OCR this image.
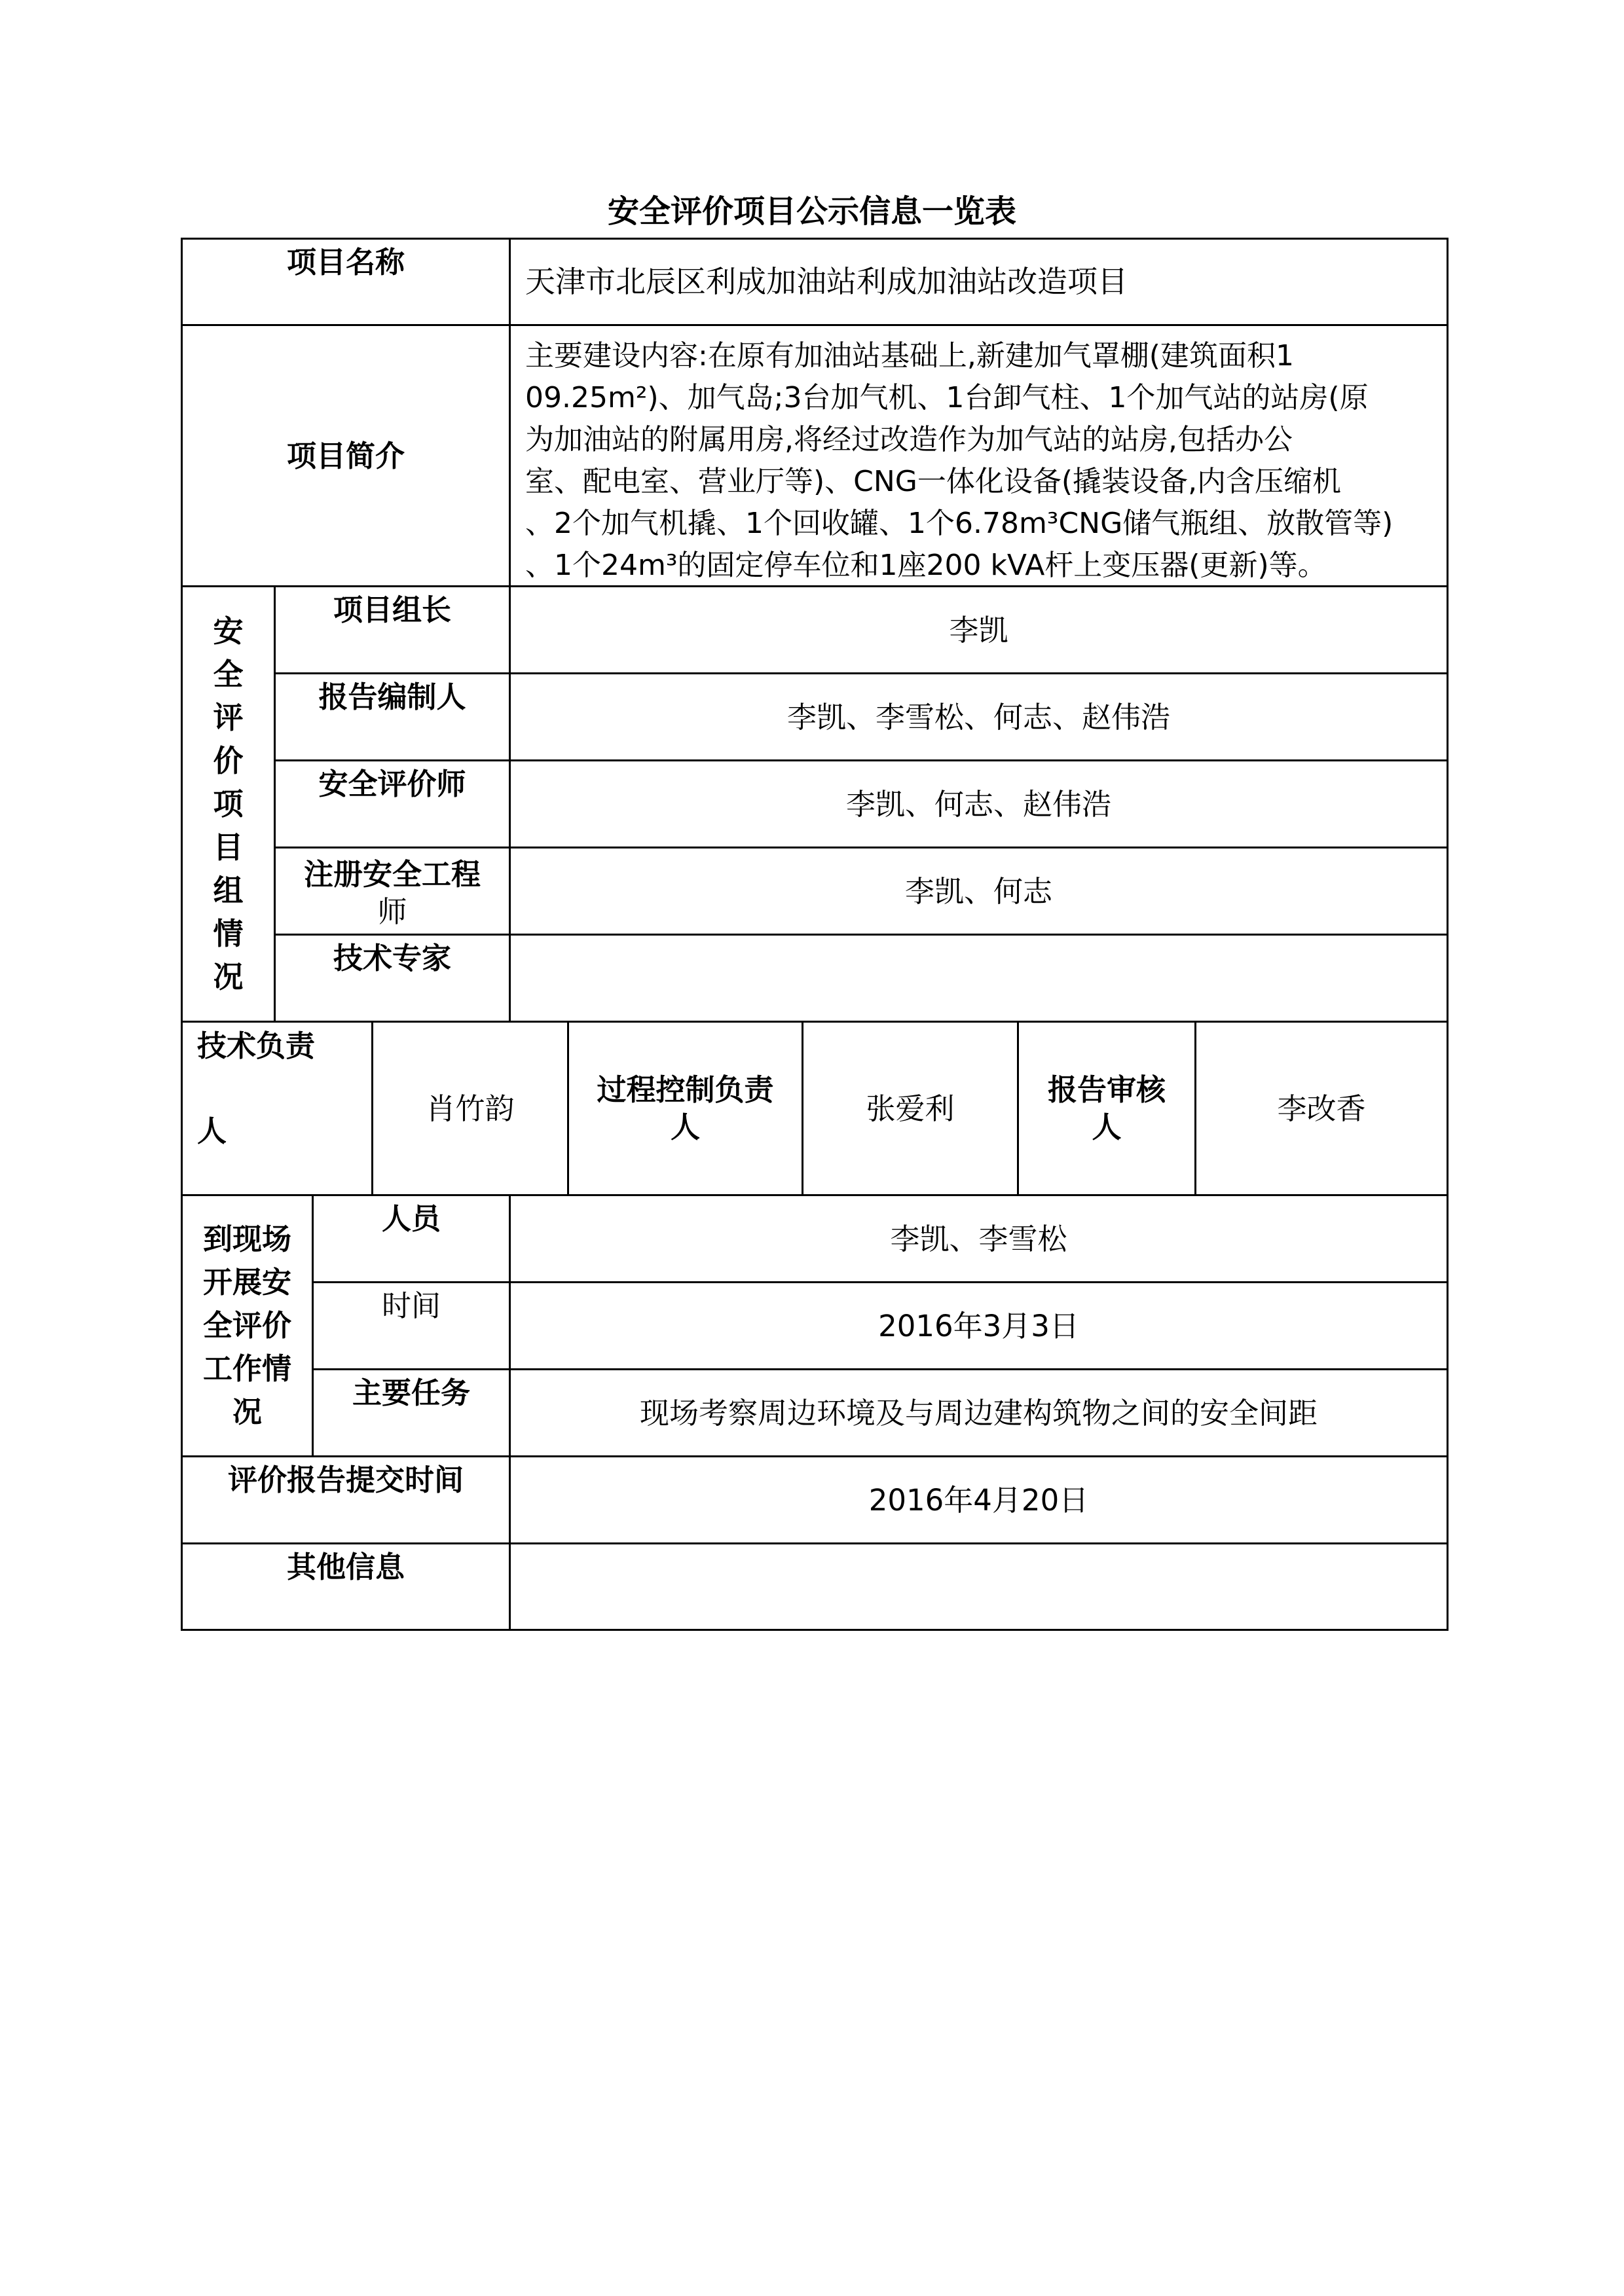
安全评价项目公示信息一览表
项目名称
天津市北辰区利成加油站利成加油站改造项目
项目简介
主要建设内容:在原有加油站基础上,新建加气罩棚(建筑面积1
09.25m²)、加气岛;3台加气机、1台卸气柱、1个加气站的站房(原
为加油站的附属用房,将经过改造作为加气站的站房,包括办公
室、配电室、营业厅等)、CNG一体化设备(撬装设备,内含压缩机
、2个加气机撬、1个回收罐、1个6.78m³CNG储气瓶组、放散管等)
、1个24m³的固定停车位和1座200 kVA杆上变压器(更新)等。
安
全
评
价
项
目
组
情
况
项目组长
李凯
报告编制人
李凯、李雪松、何志、赵伟浩
安全评价师
李凯、何志、赵伟浩
注册安全工程
师
李凯、何志
技术专家
技术负责
人
肖竹韵
过程控制负责
人
张爱利
报告审核
人
李改香
到现场
开展安
全评价
工作情
况
人员
李凯、李雪松
时间
2016年3月3日
主要任务
现场考察周边环境及与周边建构筑物之间的安全间距
评价报告提交时间
2016年4月20日
其他信息
